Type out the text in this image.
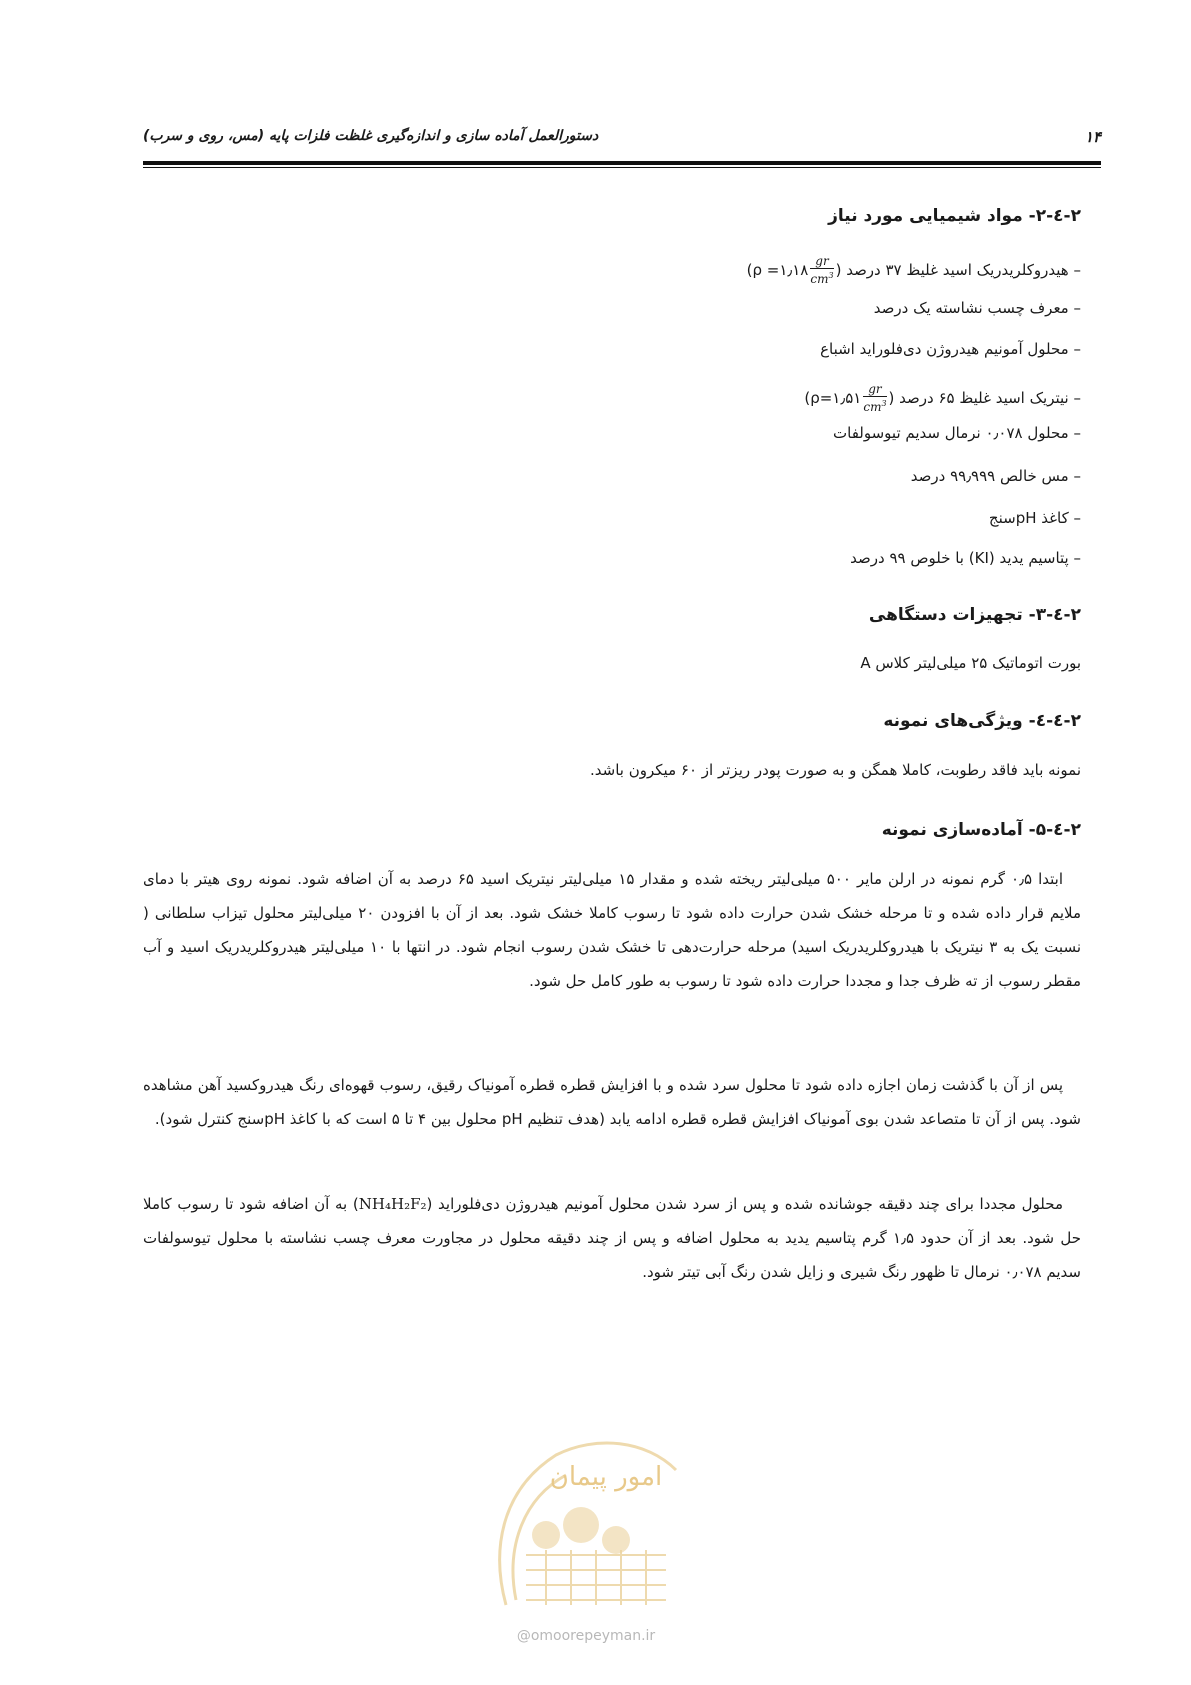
۱۴
دستورالعمل آماده سازی و اندازه‌گیری غلظت فلزات پایه (مس، روی و سرب)
۲-٤-۲- مواد شیمیایی مورد نیاز
– هیدروکلریدریک اسید غلیظ ۳۷ درصد (
$\frac{gr}{cm^3}$
ρ =۱٫۱۸)
– معرف چسب نشاسته یک درصد
– محلول آمونیم هیدروژن دی‌فلوراید اشباع
– نیتریک اسید غلیظ ۶۵ درصد (
$\frac{gr}{cm^3}$
ρ=۱٫۵۱)
– محلول ۰٫۰۷۸ نرمال سدیم تیوسولفات
– مس خالص ۹۹٫۹۹۹ درصد
– کاغذ pHسنج
– پتاسیم یدید (KI) با خلوص ۹۹ درصد
۲-٤-۳- تجهیزات دستگاهی
بورت اتوماتیک ۲۵ میلی‌لیتر کلاس A
۲-٤-٤- ویژگی‌های نمونه
نمونه باید فاقد رطوبت، کاملا همگن و به صورت پودر ریزتر از ۶۰ میکرون باشد.
۲-٤-۵- آماده‌سازی نمونه

ابتدا ۰٫۵ گرم نمونه در ارلن مایر ۵۰۰ میلی‌لیتر ریخته شده و مقدار ۱۵ میلی‌لیتر نیتریک اسید ۶۵ درصد به آن اضافه شود. نمونه روی هیتر با دمای ملایم قرار داده شده و تا مرحله خشک شدن حرارت داده شود تا رسوب کاملا خشک شود. بعد از آن با افزودن ۲۰ میلی‌لیتر محلول تیزاب سلطانی ( نسبت یک به ۳ نیتریک با هیدروکلریدریک اسید) مرحله حرارت‌دهی تا خشک شدن رسوب انجام شود. در انتها با ۱۰ میلی‌لیتر هیدروکلریدریک اسید و آب مقطر رسوب از ته ظرف جدا و مجددا حرارت داده شود تا رسوب به طور کامل حل شود.

پس از آن با گذشت زمان اجازه داده شود تا محلول سرد شده و با افزایش قطره قطره آمونیاک رقیق، رسوب قهوه‌ای رنگ هیدروکسید آهن مشاهده شود. پس از آن تا متصاعد شدن بوی آمونیاک افزایش قطره قطره ادامه یابد (هدف تنظیم pH محلول بین ۴ تا ۵ است که با کاغذ pHسنج کنترل شود).

محلول مجددا برای چند دقیقه جوشانده شده و پس از سرد شدن محلول آمونیم هیدروژن دی‌فلوراید (NH₄H₂F₂) به آن اضافه شود تا رسوب کاملا حل شود. بعد از آن حدود ۱٫۵ گرم پتاسیم یدید به محلول اضافه و پس از چند دقیقه محلول در مجاورت معرف چسب نشاسته با محلول تیوسولفات سدیم ۰٫۰۷۸ نرمال تا ظهور رنگ شیری و زایل شدن رنگ آبی تیتر شود.

امور پیمان
@omoorepeyman.ir
